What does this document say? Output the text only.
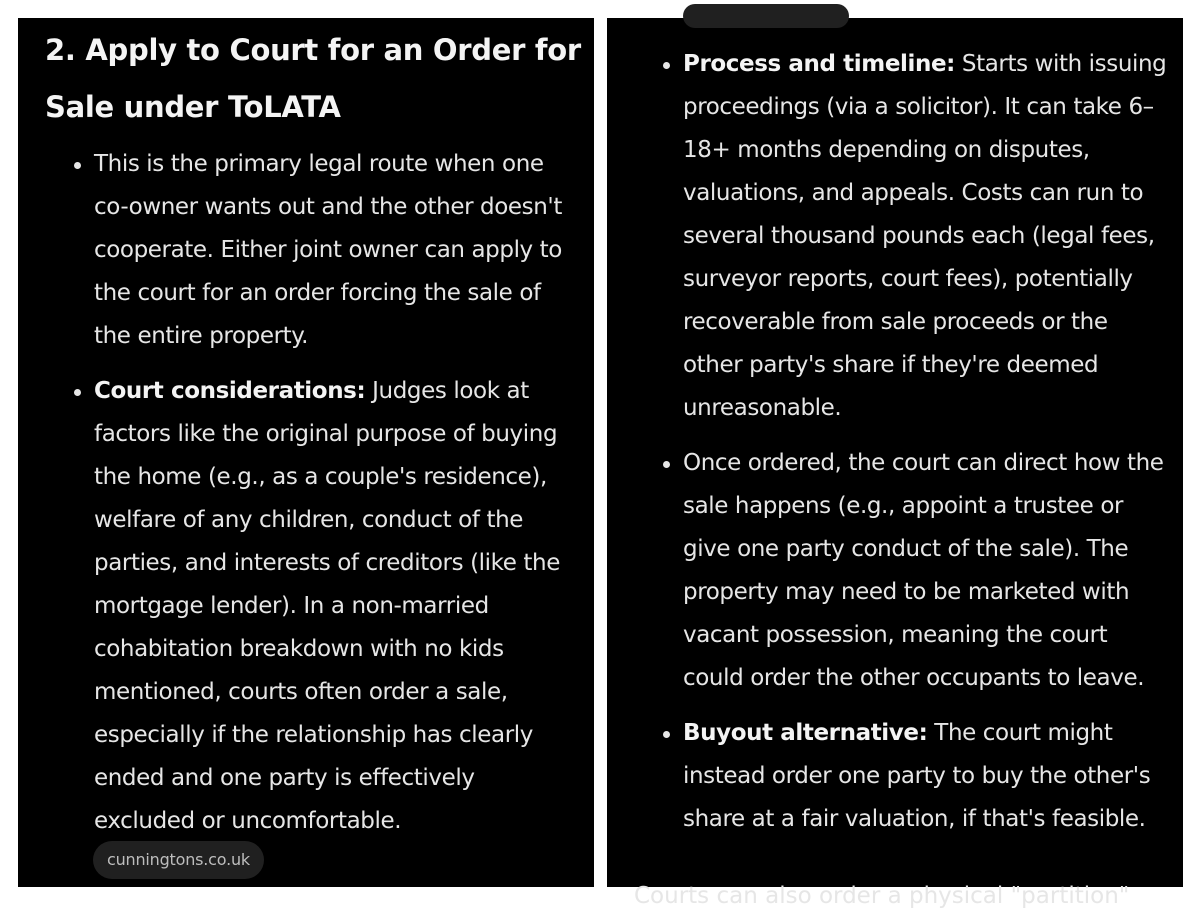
2. Apply to Court for an Order for Sale under ToLATA
This is the primary legal route when one co-owner wants out and the other doesn't cooperate. Either joint owner can apply to the court for an order forcing the sale of the entire property.
Court considerations: Judges look at factors like the original purpose of buying the home (e.g., as a couple's residence), welfare of any children, conduct of the parties, and interests of creditors (like the mortgage lender). In a non-married cohabitation breakdown with no kids mentioned, courts often order a sale, especially if the relationship has clearly ended and one party is effectively excluded or uncomfortable.
cunningtons.co.uk
Process and timeline: Starts with issuing proceedings (via a solicitor). It can take 6–18+ months depending on disputes, valuations, and appeals. Costs can run to several thousand pounds each (legal fees, surveyor reports, court fees), potentially recoverable from sale proceeds or the other party's share if they're deemed unreasonable.
Once ordered, the court can direct how the sale happens (e.g., appoint a trustee or give one party conduct of the sale). The property may need to be marketed with vacant possession, meaning the court could order the other occupants to leave.
Buyout alternative: The court might instead order one party to buy the other's share at a fair valuation, if that's feasible.

Courts can also order a physical "partition"
